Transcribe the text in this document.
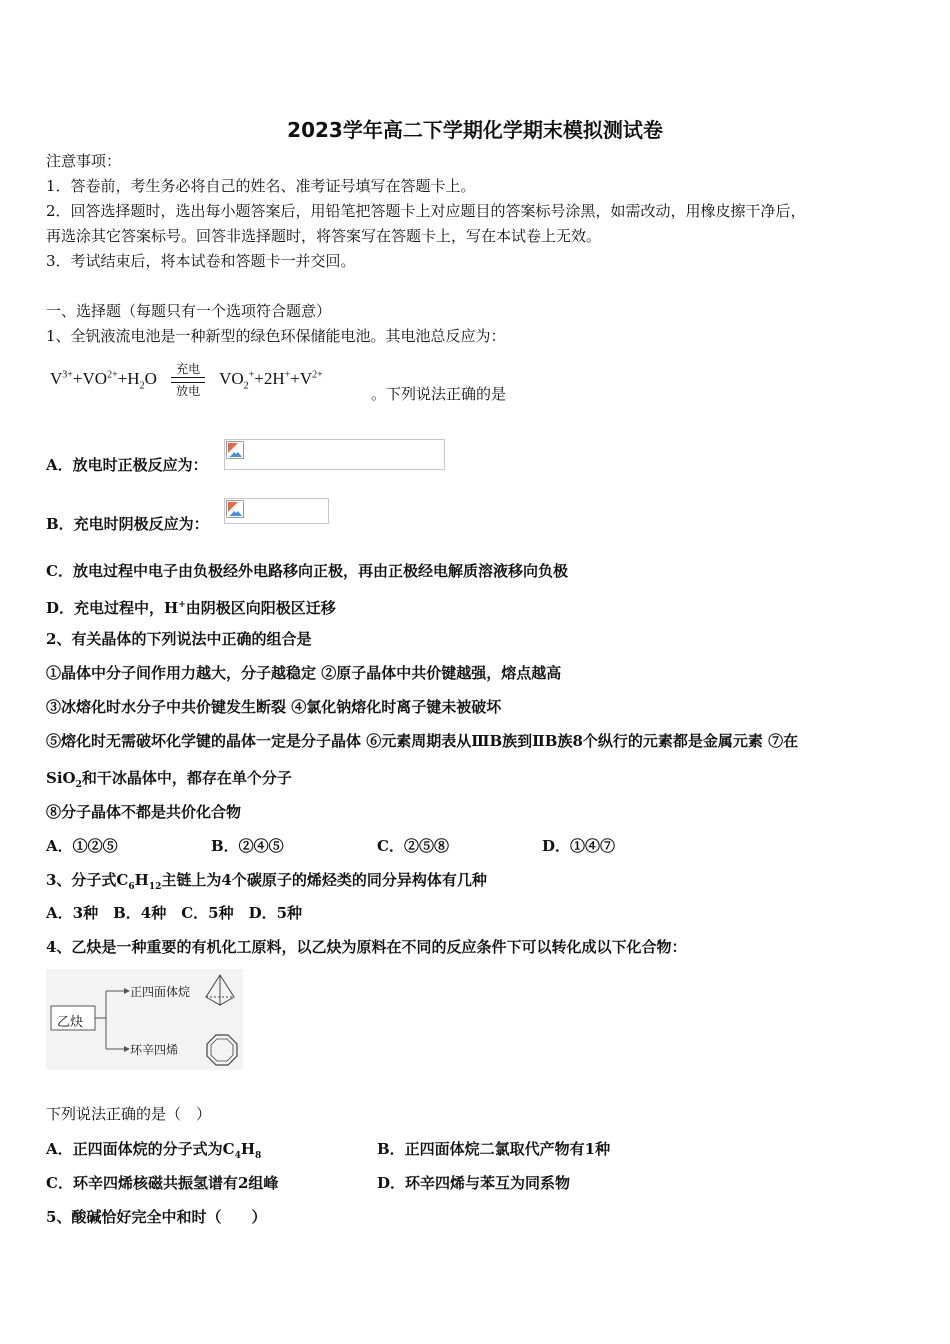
2023学年高二下学期化学期末模拟测试卷
注意事项：
1．答卷前，考生务必将自己的姓名、准考证号填写在答题卡上。
2．回答选择题时，选出每小题答案后，用铅笔把答题卡上对应题目的答案标号涂黑，如需改动，用橡皮擦干净后，
再选涂其它答案标号。回答非选择题时，将答案写在答题卡上，写在本试卷上无效。
3．考试结束后，将本试卷和答题卡一并交回。
一、选择题（每题只有一个选项符合题意）
1、全钒液流电池是一种新型的绿色环保储能电池。其电池总反应为：
$V^{3+}+VO^{2+}+H_2O$ 充电
放电 $VO_2^++2H^++V^{2+}$
。下列说法正确的是
A．放电时正极反应为：
B．充电时阴极反应为：
C．放电过程中电子由负极经外电路移向正极，再由正极经电解质溶液移向负极
D．充电过程中，H+由阴极区向阳极区迁移
2、有关晶体的下列说法中正确的组合是
①晶体中分子间作用力越大，分子越稳定 ②原子晶体中共价键越强，熔点越高
③冰熔化时水分子中共价键发生断裂 ④氯化钠熔化时离子键未被破坏
⑤熔化时无需破坏化学键的晶体一定是分子晶体 ⑥元素周期表从ⅢB族到ⅡB族8个纵行的元素都是金属元素 ⑦在
SiO$_2$和干冰晶体中，都存在单个分子
⑧分子晶体不都是共价化合物
A．①②⑤	B．②④⑤	C．②⑤⑧	D．①④⑦
3、分子式$C_6H_{12}$主链上为4个碳原子的烯烃类的同分异构体有几种
A．3种　B．4种　C．5种　D．5种
4、乙炔是一种重要的有机化工原料，以乙炔为原料在不同的反应条件下可以转化成以下化合物：
乙炔
正四面体烷
环辛四烯
下列说法正确的是（　）
A．正四面体烷的分子式为$C_4H_8$	B．正四面体烷二氯取代产物有1种
C．环辛四烯核磁共振氢谱有2组峰	D．环辛四烯与苯互为同系物
5、酸碱恰好完全中和时（　　）
